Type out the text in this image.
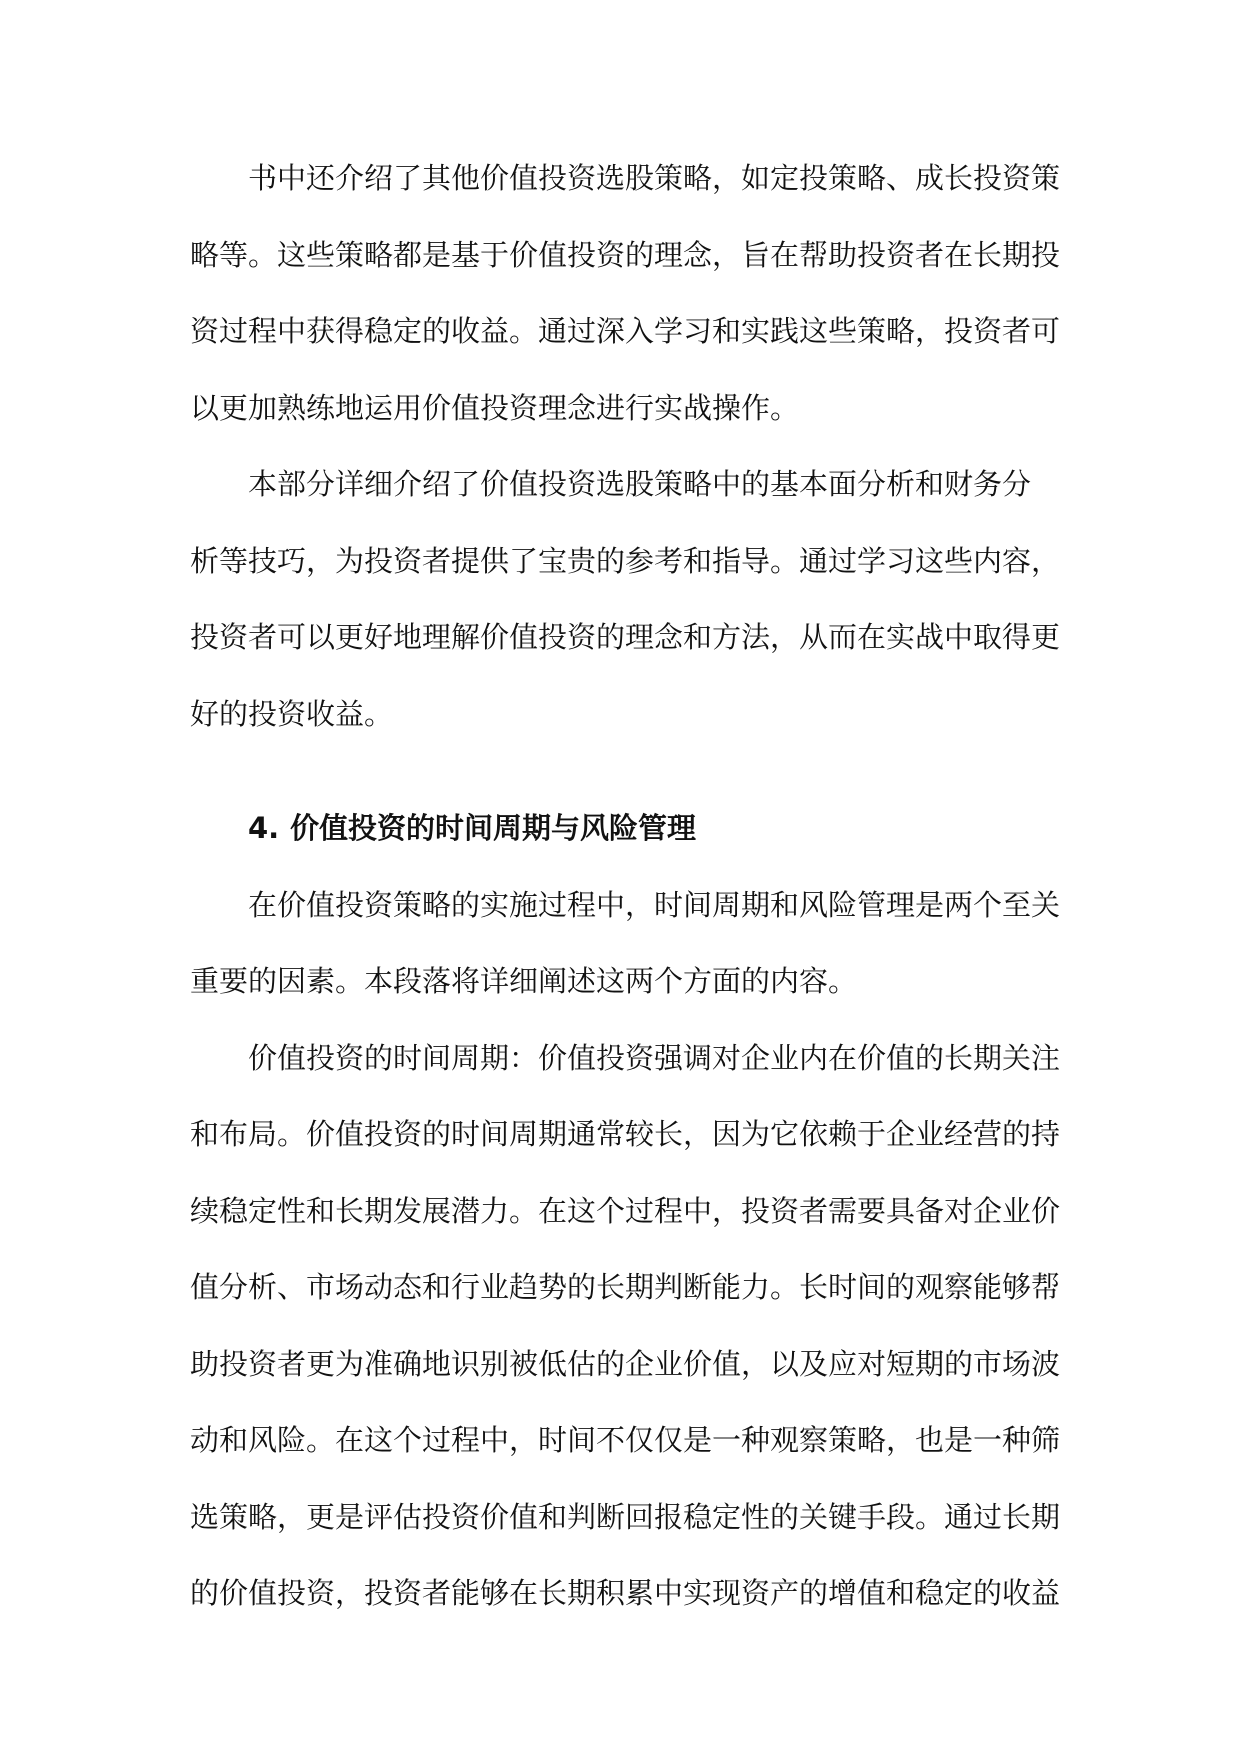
书中还介绍了其他价值投资选股策略，如定投策略、成长投资策
略等。这些策略都是基于价值投资的理念，旨在帮助投资者在长期投
资过程中获得稳定的收益。通过深入学习和实践这些策略，投资者可
以更加熟练地运用价值投资理念进行实战操作。

本部分详细介绍了价值投资选股策略中的基本面分析和财务分
析等技巧，为投资者提供了宝贵的参考和指导。通过学习这些内容，
投资者可以更好地理解价值投资的理念和方法，从而在实战中取得更
好的投资收益。

4. 价值投资的时间周期与风险管理

在价值投资策略的实施过程中，时间周期和风险管理是两个至关
重要的因素。本段落将详细阐述这两个方面的内容。

价值投资的时间周期：价值投资强调对企业内在价值的长期关注
和布局。价值投资的时间周期通常较长，因为它依赖于企业经营的持
续稳定性和长期发展潜力。在这个过程中，投资者需要具备对企业价
值分析、市场动态和行业趋势的长期判断能力。长时间的观察能够帮
助投资者更为准确地识别被低估的企业价值，以及应对短期的市场波
动和风险。在这个过程中，时间不仅仅是一种观察策略，也是一种筛
选策略，更是评估投资价值和判断回报稳定性的关键手段。通过长期
的价值投资，投资者能够在长期积累中实现资产的增值和稳定的收益
